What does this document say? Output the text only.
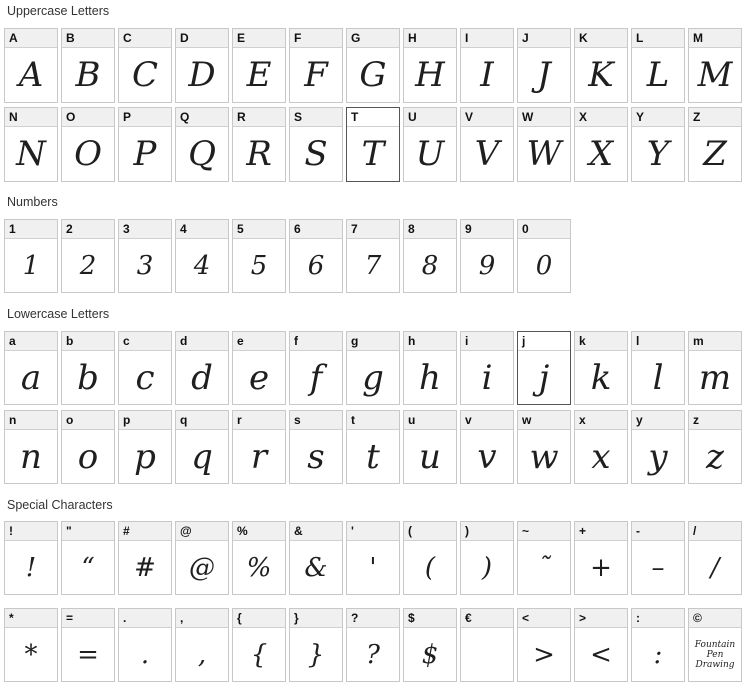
Uppercase Letters
A
A
B
B
C
C
D
D
E
E
F
F
G
G
H
H
I
I
J
J
K
K
L
L
M
M
N
N
O
O
P
P
Q
Q
R
R
S
S
T
T
U
U
V
V
W
W
X
X
Y
Y
Z
Z
Numbers
1
1
2
2
3
3
4
4
5
5
6
6
7
7
8
8
9
9
0
0
Lowercase Letters
a
a
b
b
c
c
d
d
e
e
f
f
g
g
h
h
i
i
j
j
k
k
l
l
m
m
n
n
o
o
p
p
q
q
r
r
s
s
t
t
u
u
v
v
w
w
x
x
y
y
z
z
Special Characters
!
!
"
“
#
#
@
@
%
%
&
&
'
'
(
(
)
)
~
˜
+
+
-
–
/
/
*
*
=
=
.
.
,
,
{
{
}
}
?
?
$
$
€	<
>
>
<
:
:
©
Fountain Pen Drawing
